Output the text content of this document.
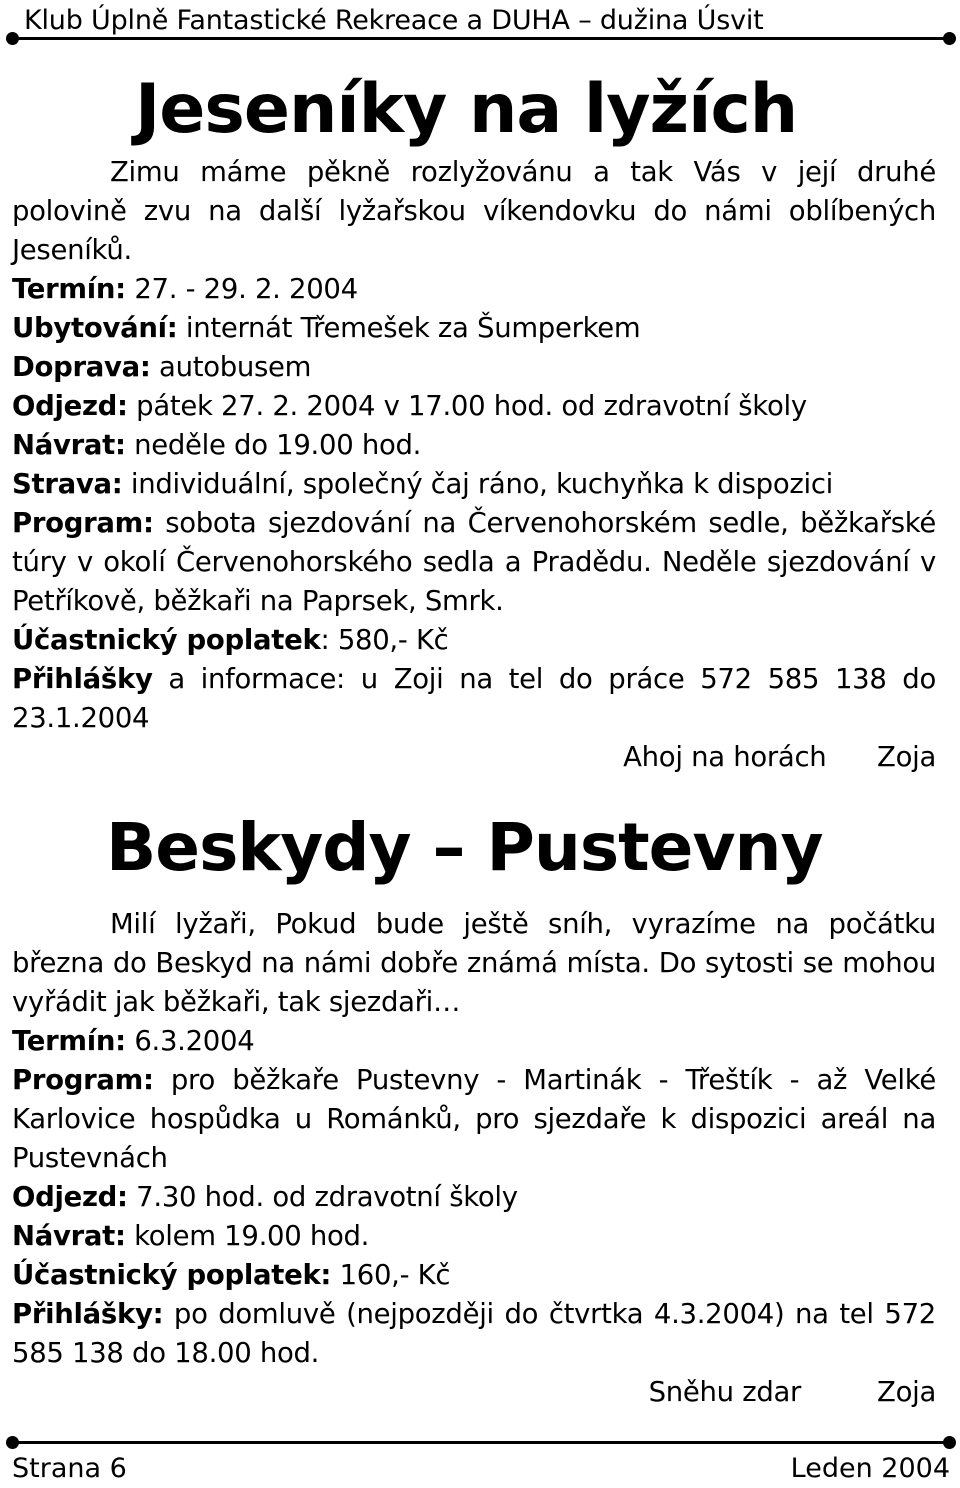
Klub Úplně Fantastické Rekreace a DUHA – dužina Úsvit
Jeseníky na lyžích

Zimu máme pěkně rozlyžovánu a tak Vás v její druhé polovině zvu na další lyžařskou víkendovku do námi oblíbených Jeseníků.

Termín: 27. - 29. 2. 2004

Ubytování: internát Třemešek za Šumperkem

Doprava: autobusem

Odjezd: pátek 27. 2. 2004 v 17.00 hod. od zdravotní školy

Návrat: neděle do 19.00 hod.

Strava: individuální, společný čaj ráno, kuchyňka k dispozici

Program: sobota sjezdování na Červenohorském sedle, běžkařské túry v okolí Červenohorského sedla a Pradědu. Neděle sjezdování v Petříkově, běžkaři na Paprsek, Smrk.

Účastnický poplatek: 580,- Kč

Přihlášky a informace: u Zoji na tel do práce 572 585 138 do 23.1.2004

Ahoj na horách      Zoja

Beskydy – Pustevny

Milí lyžaři, Pokud bude ještě sníh, vyrazíme na počátku března do Beskyd na námi dobře známá místa. Do sytosti se mohou vyřádit jak běžkaři, tak sjezdaři…

Termín: 6.3.2004

Program: pro běžkaře Pustevny - Martinák - Třeštík - až Velké Karlovice hospůdka u Románků, pro sjezdaře k dispozici areál na Pustevnách

Odjezd: 7.30 hod. od zdravotní školy

Návrat: kolem 19.00 hod.

Účastnický poplatek: 160,- Kč

Přihlášky: po domluvě (nejpozději do čtvrtka 4.3.2004) na tel 572 585 138 do 18.00 hod.

Sněhu zdar         Zoja

Strana 6	Leden 2004
